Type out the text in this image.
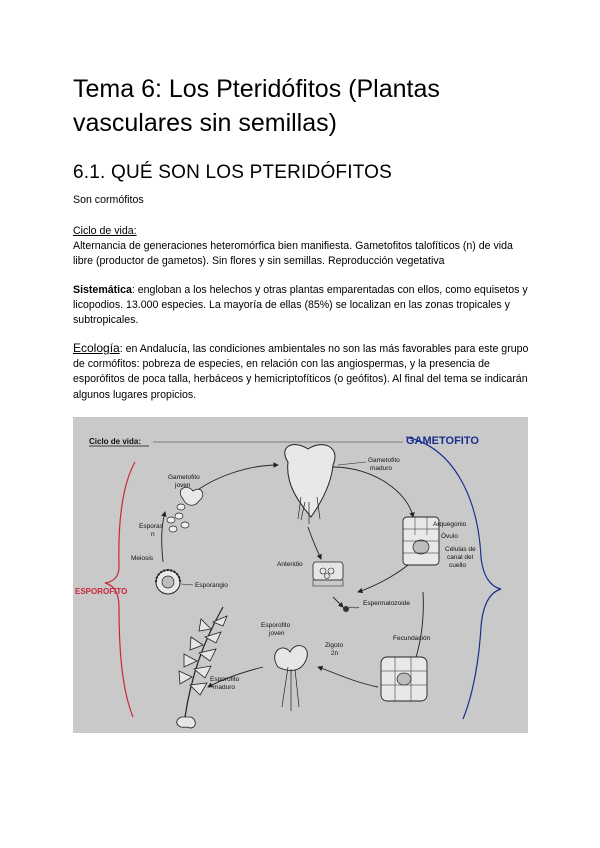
Tema 6: Los Pteridófitos (Plantas vasculares sin semillas)
6.1. QUÉ SON LOS PTERIDÓFITOS

Son cormófitos

Ciclo de vida:
Alternancia de generaciones heteromórfica bien manifiesta. Gametofitos talofíticos (n) de vida libre (productor de gametos). Sin flores y sin semillas. Reproducción vegetativa

Sistemática: engloban a los helechos y otras plantas emparentadas con ellos, como equisetos y licopodios. 13.000 especies. La mayoría de ellas (85%) se localizan en las zonas tropicales y subtropicales.

Ecología: en Andalucía, las condiciones ambientales no son las más favorables para este grupo de cormófitos: pobreza de especies, en relación con las angiospermas, y la presencia de esporófitos de poca talla, herbáceos y hemicriptofíticos (o geófitos). Al final del tema se indicarán algunos lugares propicios.

Ciclo de vida:	GAMETOFITO
ESPOROFITO
Gametofito
maduro
Gametofito
joven
Esporas
n
Meiosis
Esporangio
Anteridio
Espermatozoide
Arquegonio
Óvulo
Células de
canal del
cuello
Fecundación
Zigoto
2n
Esporofito
joven
Esporofito
maduro
